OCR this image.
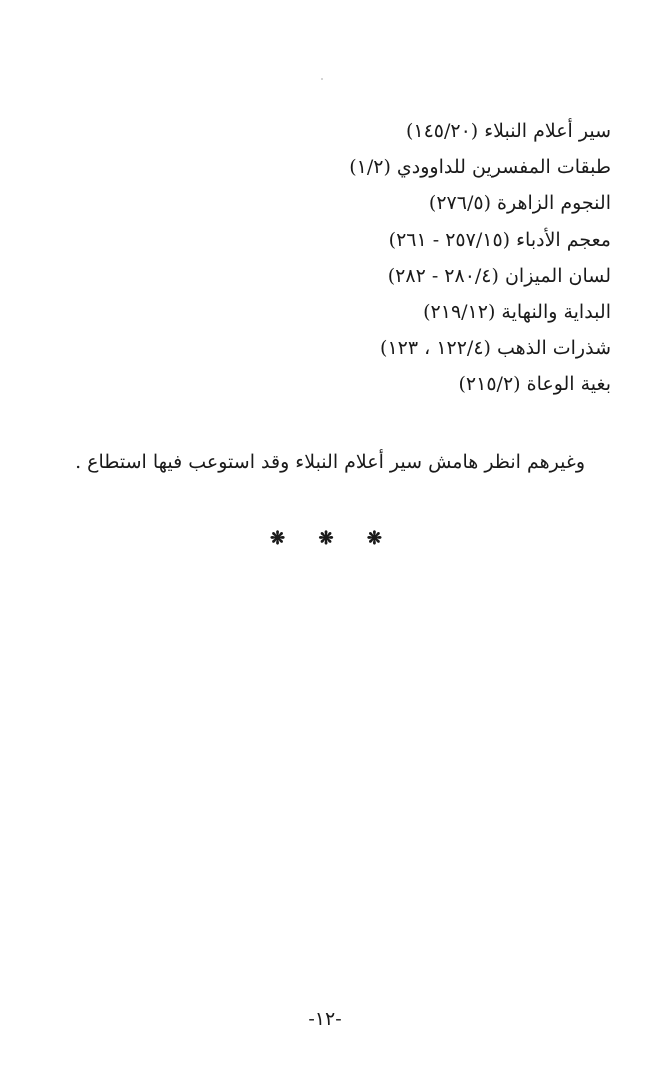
سير أعلام النبلاء (١٤٥/٢٠)
طبقات المفسرين للداوودي (١/٢)
النجوم الزاهرة (٢٧٦/٥)
معجم الأدباء (٢٥٧/١٥ - ٢٦١)
لسان الميزان (٢٨٠/٤ - ٢٨٢)
البداية والنهاية (٢١٩/١٢)
شذرات الذهب (١٢٢/٤ ، ١٢٣)
بغية الوعاة (٢١٥/٢)

وغيرهم انظر هامش سير أعلام النبلاء وقد استوعب فيها استطاع .

❋ ❋ ❋
-١٢-
